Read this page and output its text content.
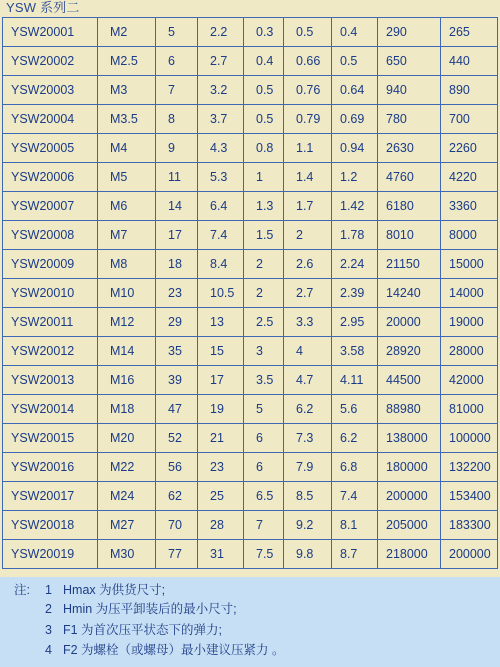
YSW 系列二
YSW20001	M2	5	2.2	0.3	0.5	0.4	290	265
YSW20002	M2.5	6	2.7	0.4	0.66	0.5	650	440
YSW20003	M3	7	3.2	0.5	0.76	0.64	940	890
YSW20004	M3.5	8	3.7	0.5	0.79	0.69	780	700
YSW20005	M4	9	4.3	0.8	1.1	0.94	2630	2260
YSW20006	M5	11	5.3	1	1.4	1.2	4760	4220
YSW20007	M6	14	6.4	1.3	1.7	1.42	6180	3360
YSW20008	M7	17	7.4	1.5	2	1.78	8010	8000
YSW20009	M8	18	8.4	2	2.6	2.24	21150	15000
YSW20010	M10	23	10.5	2	2.7	2.39	14240	14000
YSW20011	M12	29	13	2.5	3.3	2.95	20000	19000
YSW20012	M14	35	15	3	4	3.58	28920	28000
YSW20013	M16	39	17	3.5	4.7	4.11	44500	42000
YSW20014	M18	47	19	5	6.2	5.6	88980	81000
YSW20015	M20	52	21	6	7.3	6.2	138000	100000
YSW20016	M22	56	23	6	7.9	6.8	180000	132200
YSW20017	M24	62	25	6.5	8.5	7.4	200000	153400
YSW20018	M27	70	28	7	9.2	8.1	205000	183300
YSW20019	M30	77	31	7.5	9.8	8.7	218000	200000
注: 1 Hmax 为供货尺寸;
2 Hmin 为压平卸装后的最小尺寸;
3 F1 为首次压平状态下的弹力;
4 F2 为螺栓（或螺母）最小建议压紧力 。
